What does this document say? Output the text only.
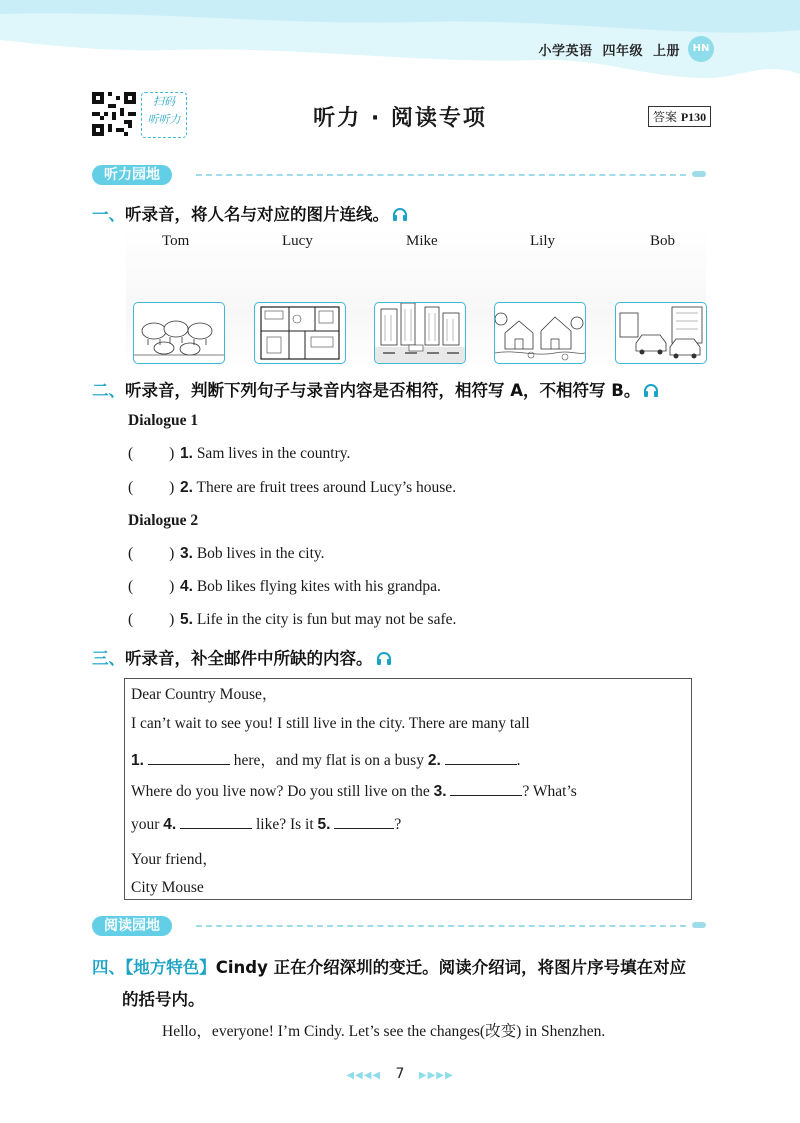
小学英语 四年级 上册	HN
扫码
听听力	听力 · 阅读专项	答案 P130
听力园地
一、听录音，将人名与对应的图片连线。
Tom	Lucy	Mike	Lily	Bob
二、听录音，判断下列句子与录音内容是否相符，相符写 A，不相符写 B。
Dialogue 1
( ) 1. Sam lives in the country.
( ) 2. There are fruit trees around Lucy’s house.
Dialogue 2
( ) 3. Bob lives in the city.
( ) 4. Bob likes flying kites with his grandpa.
( ) 5. Life in the city is fun but may not be safe.
三、听录音，补全邮件中所缺的内容。
Dear Country Mouse，
I can’t wait to see you! I still live in the city. There are many tall
1.	here，and my flat is on a busy 2.	.
Where do you live now? Do you still live on the 3.	? What’s
your 4.	like? Is it 5.	?
Your friend，
City Mouse
阅读园地
四、【地方特色】Cindy 正在介绍深圳的变迁。阅读介绍词，将图片序号填在对应
的括号内。
Hello，everyone! I’m Cindy. Let’s see the changes(改变) in Shenzhen.
◀◀◀◀ 7 ▶▶▶▶
